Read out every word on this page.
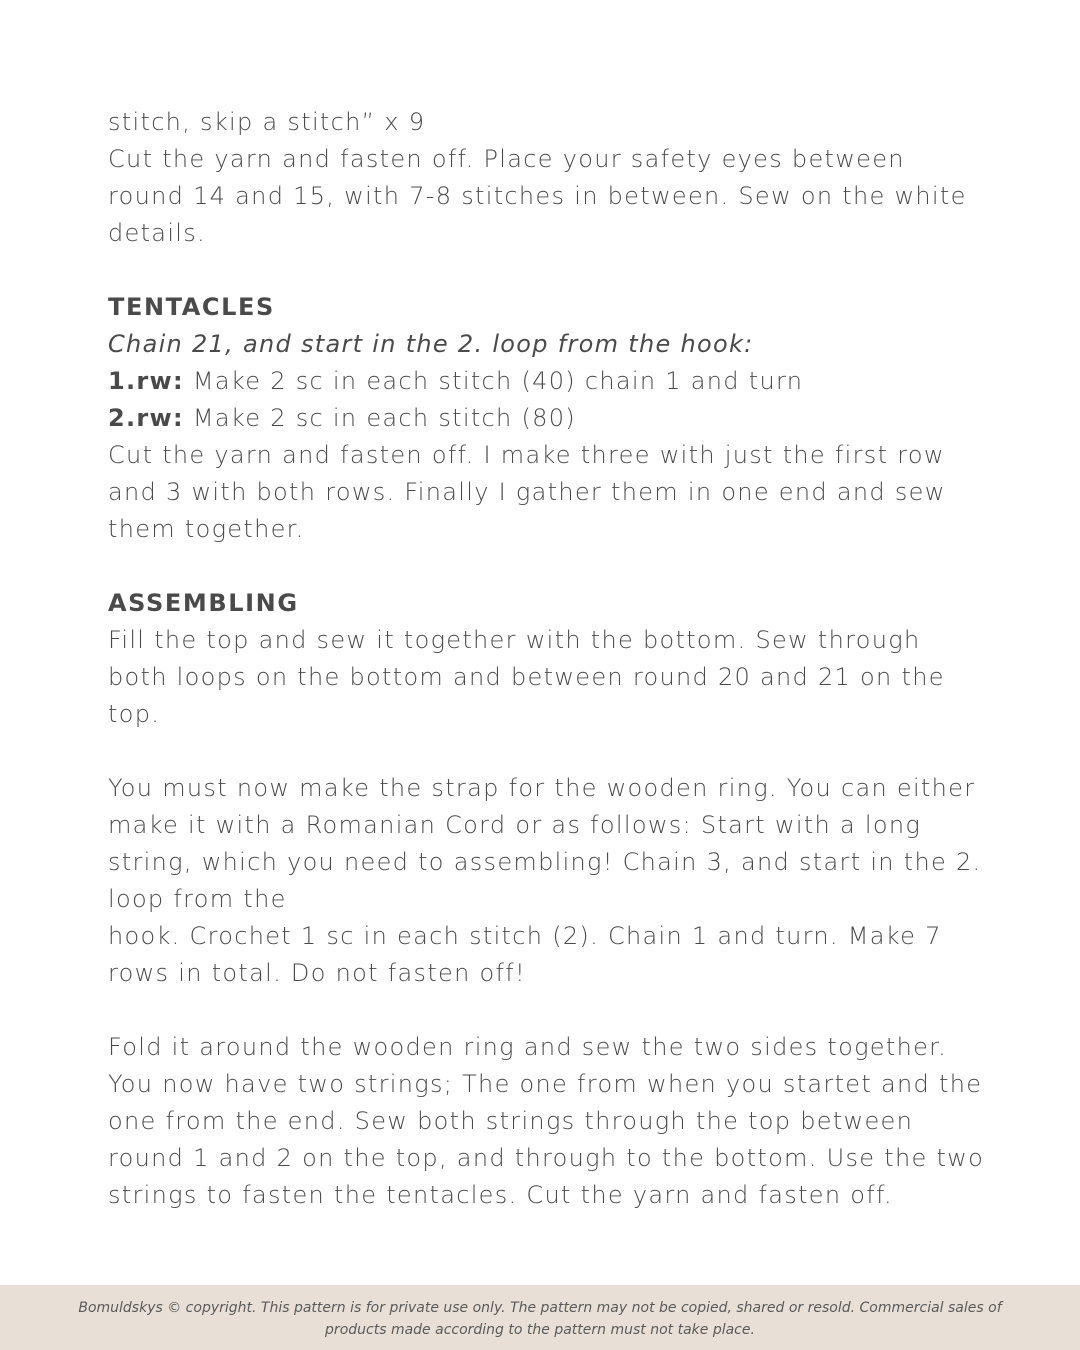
stitch, skip a stitch” x 9

Cut the yarn and fasten off. Place your safety eyes between round 14 and 15, with 7-8 stitches in between. Sew on the white details.

TENTACLES

Chain 21, and start in the 2. loop from the hook:

1.rw: Make 2 sc in each stitch (40) chain 1 and turn

2.rw: Make 2 sc in each stitch (80)

Cut the yarn and fasten off. I make three with just the first row and 3 with both rows. Finally I gather them in one end and sew them together.

ASSEMBLING

Fill the top and sew it together with the bottom. Sew through both loops on the bottom and between round 20 and 21 on the top.

You must now make the strap for the wooden ring. You can either make it with a Romanian Cord or as follows: Start with a long string, which you need to assembling! Chain 3, and start in the 2. loop from the

hook. Crochet 1 sc in each stitch (2). Chain 1 and turn. Make 7 rows in total. Do not fasten off!

Fold it around the wooden ring and sew the two sides together. You now have two strings; The one from when you startet and the one from the end. Sew both strings through the top between round 1 and 2 on the top, and through to the bottom. Use the two strings to fasten the tentacles. Cut the yarn and fasten off.

Bomuldskys © copyright. This pattern is for private use only. The pattern may not be copied, shared or resold. Commercial sales of products made according to the pattern must not take place.
